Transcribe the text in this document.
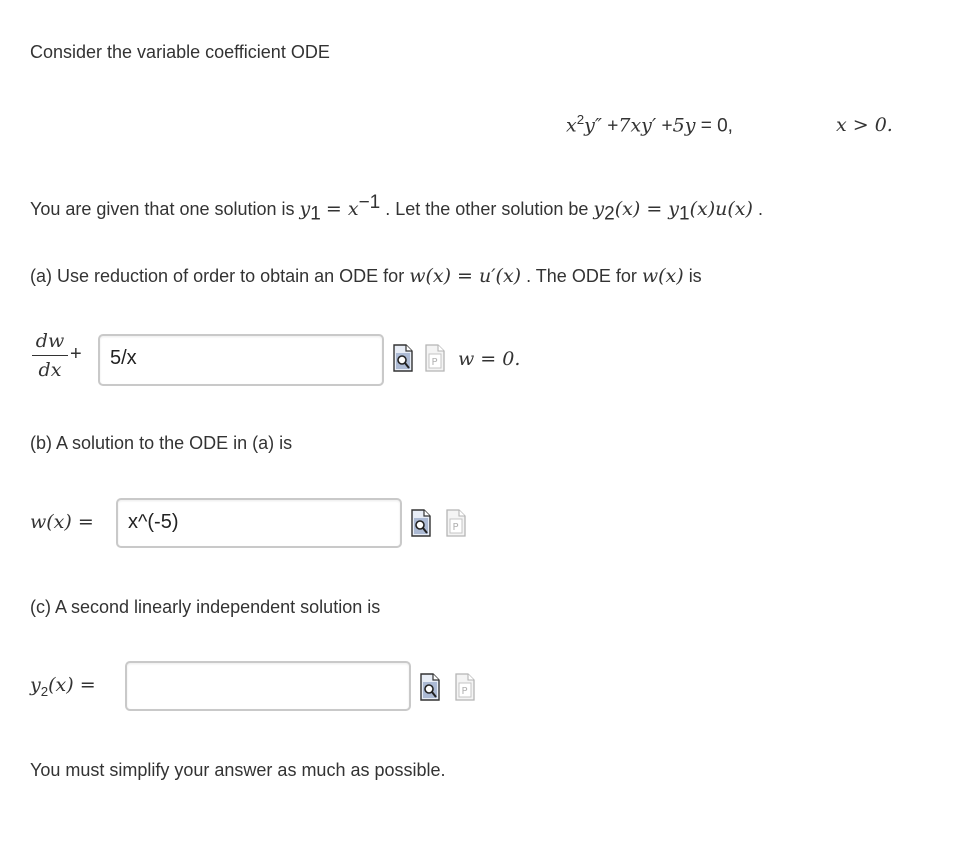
Consider the variable coefficient ODE
$x^2y'' +7xy' +5y = 0$,	x > 0.
You are given that one solution is $y_1 = x^{-1}$ . Let the other solution be $y_2(x) = y_1(x)u(x)$ .
(a) Use reduction of order to obtain an ODE for w(x) = u′(x) . The ODE for w(x) is
dw
dx
+	5/x	P w = 0.
(b) A solution to the ODE in (a) is
w(x) =	x^(-5)	P
(c) A second linearly independent solution is
$y_2(x)$ =	P
You must simplify your answer as much as possible.
